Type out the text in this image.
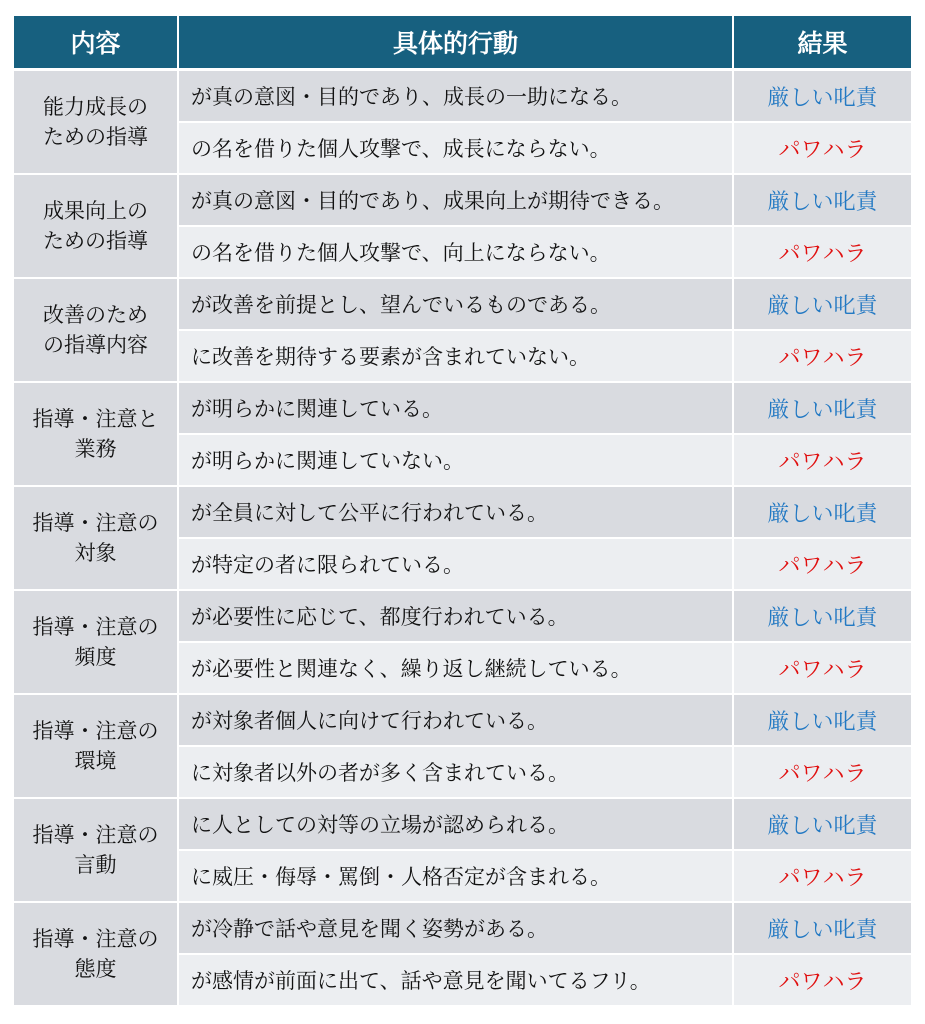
内容	具体的行動	結果

能力成長の
ための指導	が真の意図・目的であり、成長の一助になる。	厳しい叱責
	の名を借りた個人攻撃で、成長にならない。	パワハラ

成果向上の
ための指導	が真の意図・目的であり、成果向上が期待できる。	厳しい叱責
	の名を借りた個人攻撃で、向上にならない。	パワハラ

改善のため
の指導内容	が改善を前提とし、望んでいるものである。	厳しい叱責
	に改善を期待する要素が含まれていない。	パワハラ

指導・注意と
業務	が明らかに関連している。	厳しい叱責
	が明らかに関連していない。	パワハラ

指導・注意の
対象	が全員に対して公平に行われている。	厳しい叱責
	が特定の者に限られている。	パワハラ

指導・注意の
頻度	が必要性に応じて、都度行われている。	厳しい叱責
	が必要性と関連なく、繰り返し継続している。	パワハラ

指導・注意の
環境	が対象者個人に向けて行われている。	厳しい叱責
	に対象者以外の者が多く含まれている。	パワハラ

指導・注意の
言動	に人としての対等の立場が認められる。	厳しい叱責
	に威圧・侮辱・罵倒・人格否定が含まれる。	パワハラ

指導・注意の
態度	が冷静で話や意見を聞く姿勢がある。	厳しい叱責
	が感情が前面に出て、話や意見を聞いてるフリ。	パワハラ
